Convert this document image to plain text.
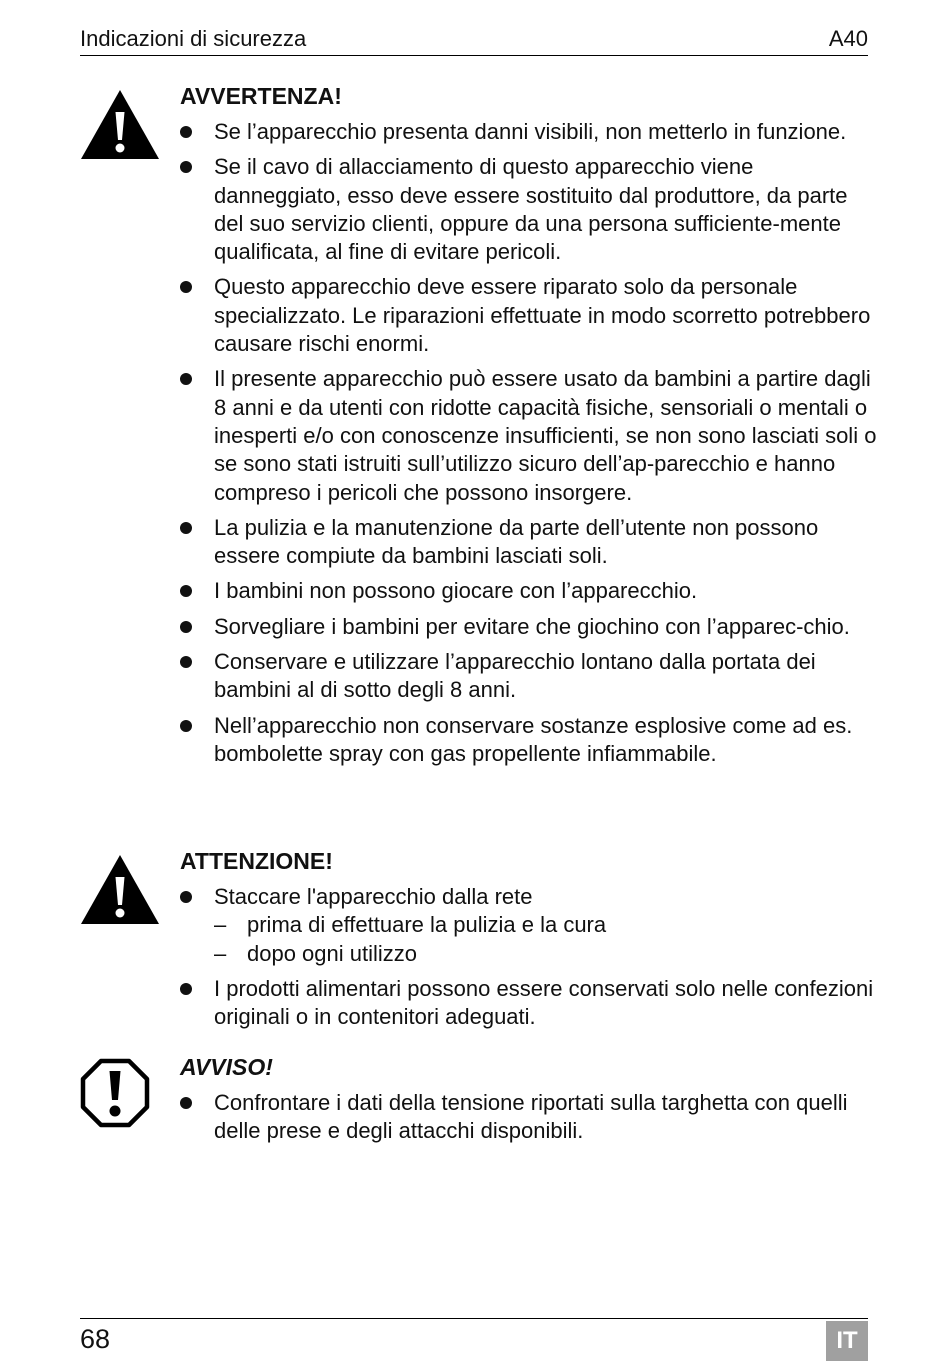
Indicazioni di sicurezza	A40
AVVERTENZA!
Se l’apparecchio presenta danni visibili, non metterlo in funzione.
Se il cavo di allacciamento di questo apparecchio viene danneggiato, esso deve essere sostituito dal produttore, da parte del suo servizio clienti, oppure da una persona sufficiente-mente qualificata, al fine di evitare pericoli.
Questo apparecchio deve essere riparato solo da personale specializzato. Le riparazioni effettuate in modo scorretto potrebbero causare rischi enormi.
Il presente apparecchio può essere usato da bambini a partire dagli 8 anni e da utenti con ridotte capacità fisiche, sensoriali o mentali o inesperti e/o con conoscenze insufficienti, se non sono lasciati soli o se sono stati istruiti sull’utilizzo sicuro dell’ap-parecchio e hanno compreso i pericoli che possono insorgere.
La pulizia e la manutenzione da parte dell’utente non possono essere compiute da bambini lasciati soli.
I bambini non possono giocare con l’apparecchio.
Sorvegliare i bambini per evitare che giochino con l’apparec-chio.
Conservare e utilizzare l’apparecchio lontano dalla portata dei bambini al di sotto degli 8 anni.
Nell’apparecchio non conservare sostanze esplosive come ad es. bombolette spray con gas propellente infiammabile.
ATTENZIONE!
Staccare l'apparecchio dalla rete
– prima di effettuare la pulizia e la cura
– dopo ogni utilizzo
I prodotti alimentari possono essere conservati solo nelle confezioni originali o in contenitori adeguati.
AVVISO!
Confrontare i dati della tensione riportati sulla targhetta con quelli delle prese e degli attacchi disponibili.
68	IT
